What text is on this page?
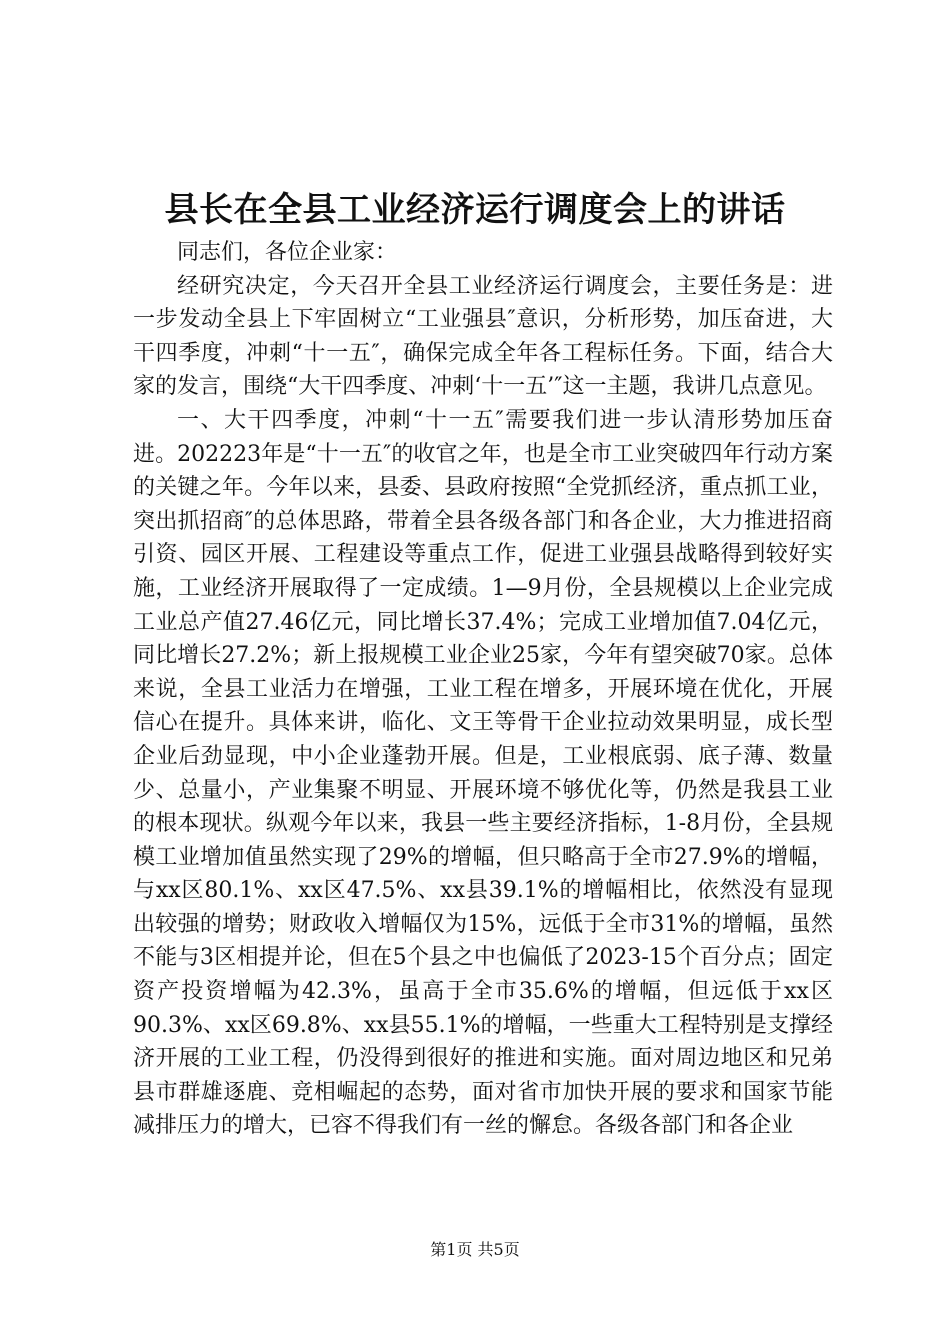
县长在全县工业经济运行调度会上的讲话

同志们，各位企业家：

经研究决定，今天召开全县工业经济运行调度会，主要任务是：进一步发动全县上下牢固树立“工业强县″意识，分析形势，加压奋进，大干四季度，冲刺“十一五″，确保完成全年各工程标任务。下面，结合大家的发言，围绕“大干四季度、冲刺‘十一五’″这一主题，我讲几点意见。

一、大干四季度，冲刺“十一五″需要我们进一步认清形势加压奋进。202223年是“十一五″的收官之年，也是全市工业突破四年行动方案的关键之年。今年以来，县委、县政府按照“全党抓经济，重点抓工业，突出抓招商″的总体思路，带着全县各级各部门和各企业，大力推进招商引资、园区开展、工程建设等重点工作，促进工业强县战略得到较好实施，工业经济开展取得了一定成绩。1—9月份，全县规模以上企业完成工业总产值27.46亿元，同比增长37.4%；完成工业增加值7.04亿元，同比增长27.2%；新上报规模工业企业25家，今年有望突破70家。总体来说，全县工业活力在增强，工业工程在增多，开展环境在优化，开展信心在提升。具体来讲，临化、文王等骨干企业拉动效果明显，成长型企业后劲显现，中小企业蓬勃开展。但是，工业根底弱、底子薄、数量少、总量小，产业集聚不明显、开展环境不够优化等，仍然是我县工业的根本现状。纵观今年以来，我县一些主要经济指标，1-8月份，全县规模工业增加值虽然实现了29%的增幅，但只略高于全市27.9%的增幅，与xx区80.1%、xx区47.5%、xx县39.1%的增幅相比，依然没有显现出较强的增势；财政收入增幅仅为15%，远低于全市31%的增幅，虽然不能与3区相提并论，但在5个县之中也偏低了2023-15个百分点；固定资产投资增幅为42.3%，虽高于全市35.6%的增幅，但远低于xx区90.3%、xx区69.8%、xx县55.1%的增幅，一些重大工程特别是支撑经济开展的工业工程，仍没得到很好的推进和实施。面对周边地区和兄弟县市群雄逐鹿、竞相崛起的态势，面对省市加快开展的要求和国家节能减排压力的增大，已容不得我们有一丝的懈怠。各级各部门和各企业

第1页 共5页
